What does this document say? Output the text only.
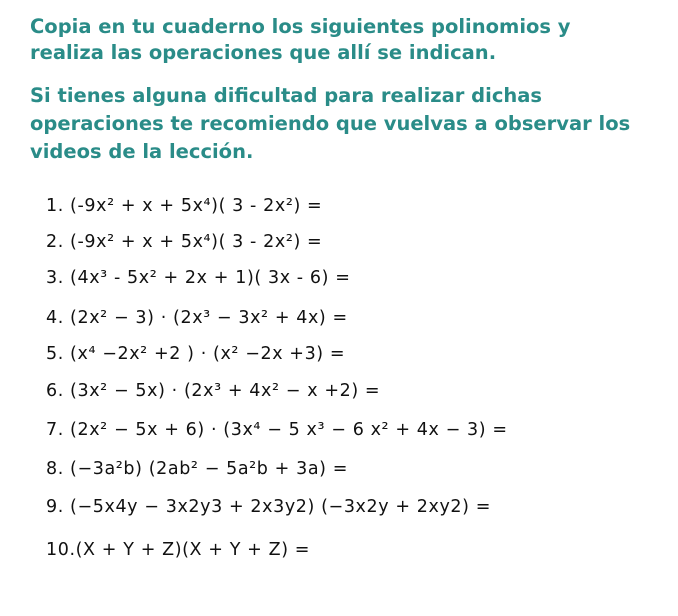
Copia en tu cuaderno los siguientes polinomios y
realiza las operaciones que allí se indican.
Si tienes alguna dificultad para realizar dichas
operaciones te recomiendo que vuelvas a observar los
videos de la lección.
1. (-9x² + x + 5x⁴)( 3 - 2x²) =
2. (-9x² + x + 5x⁴)( 3 - 2x²) =
3. (4x³ - 5x² + 2x + 1)( 3x - 6) =
4. (2x² − 3) · (2x³ − 3x² + 4x) =
5. (x⁴ −2x² +2 ) · (x² −2x +3) =
6. (3x² − 5x) · (2x³ + 4x² − x +2) =
7. (2x² − 5x + 6) · (3x⁴ − 5 x³ − 6 x² + 4x − 3) =
8. (−3a²b) (2ab² − 5a²b + 3a) =
9. (−5x4y − 3x2y3 + 2x3y2) (−3x2y + 2xy2) =
10.(X + Y + Z)(X + Y + Z) =
